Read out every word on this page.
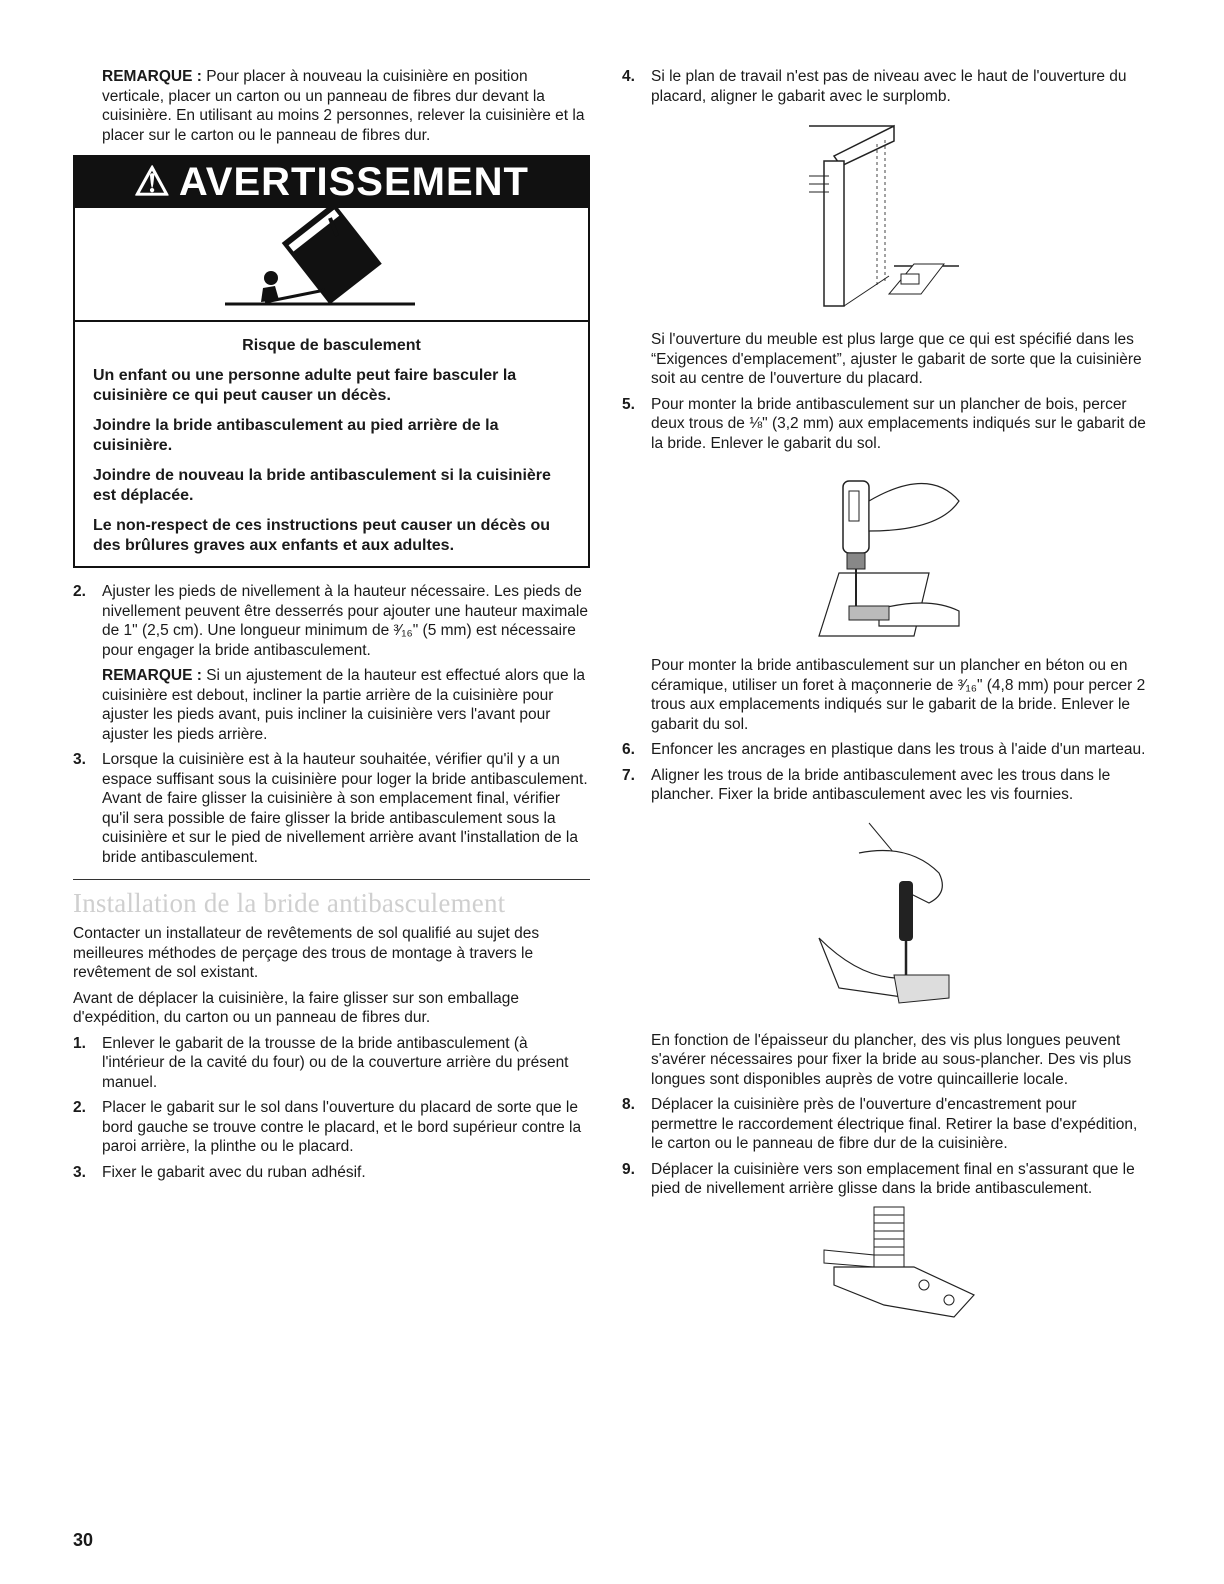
REMARQUE : Pour placer à nouveau la cuisinière en position verticale, placer un carton ou un panneau de fibres dur devant la cuisinière. En utilisant au moins 2 personnes, relever la cuisinière et la placer sur le carton ou le panneau de fibres dur.

⚠ AVERTISSEMENT

Risque de basculement

Un enfant ou une personne adulte peut faire basculer la cuisinière ce qui peut causer un décès.

Joindre la bride antibasculement au pied arrière de la cuisinière.

Joindre de nouveau la bride antibasculement si la cuisinière est déplacée.

Le non-respect de ces instructions peut causer un décès ou des brûlures graves aux enfants et aux adultes.

2. Ajuster les pieds de nivellement à la hauteur nécessaire. Les pieds de nivellement peuvent être desserrés pour ajouter une hauteur maximale de 1" (2,5 cm). Une longueur minimum de ³⁄₁₆" (5 mm) est nécessaire pour engager la bride antibasculement.

REMARQUE : Si un ajustement de la hauteur est effectué alors que la cuisinière est debout, incliner la partie arrière de la cuisinière pour ajuster les pieds avant, puis incliner la cuisinière vers l'avant pour ajuster les pieds arrière.

3. Lorsque la cuisinière est à la hauteur souhaitée, vérifier qu'il y a un espace suffisant sous la cuisinière pour loger la bride antibasculement. Avant de faire glisser la cuisinière à son emplacement final, vérifier qu'il sera possible de faire glisser la bride antibasculement sous la cuisinière et sur le pied de nivellement arrière avant l'installation de la bride antibasculement.

Installation de la bride antibasculement

Contacter un installateur de revêtements de sol qualifié au sujet des meilleures méthodes de perçage des trous de montage à travers le revêtement de sol existant.

Avant de déplacer la cuisinière, la faire glisser sur son emballage d'expédition, du carton ou un panneau de fibres dur.

1. Enlever le gabarit de la trousse de la bride antibasculement (à l'intérieur de la cavité du four) ou de la couverture arrière du présent manuel.

2. Placer le gabarit sur le sol dans l'ouverture du placard de sorte que le bord gauche se trouve contre le placard, et le bord supérieur contre la paroi arrière, la plinthe ou le placard.

3. Fixer le gabarit avec du ruban adhésif.

4. Si le plan de travail n'est pas de niveau avec le haut de l'ouverture du placard, aligner le gabarit avec le surplomb.

Si l'ouverture du meuble est plus large que ce qui est spécifié dans les “Exigences d'emplacement”, ajuster le gabarit de sorte que la cuisinière soit au centre de l'ouverture du placard.

5. Pour monter la bride antibasculement sur un plancher de bois, percer deux trous de ⅛" (3,2 mm) aux emplacements indiqués sur le gabarit de la bride. Enlever le gabarit du sol.

Pour monter la bride antibasculement sur un plancher en béton ou en céramique, utiliser un foret à maçonnerie de ³⁄₁₆" (4,8 mm) pour percer 2 trous aux emplacements indiqués sur le gabarit de la bride. Enlever le gabarit du sol.

6. Enfoncer les ancrages en plastique dans les trous à l'aide d'un marteau.

7. Aligner les trous de la bride antibasculement avec les trous dans le plancher. Fixer la bride antibasculement avec les vis fournies.

En fonction de l'épaisseur du plancher, des vis plus longues peuvent s'avérer nécessaires pour fixer la bride au sous-plancher. Des vis plus longues sont disponibles auprès de votre quincaillerie locale.

8. Déplacer la cuisinière près de l'ouverture d'encastrement pour permettre le raccordement électrique final. Retirer la base d'expédition, le carton ou le panneau de fibre dur de la cuisinière.

9. Déplacer la cuisinière vers son emplacement final en s'assurant que le pied de nivellement arrière glisse dans la bride antibasculement.

30
